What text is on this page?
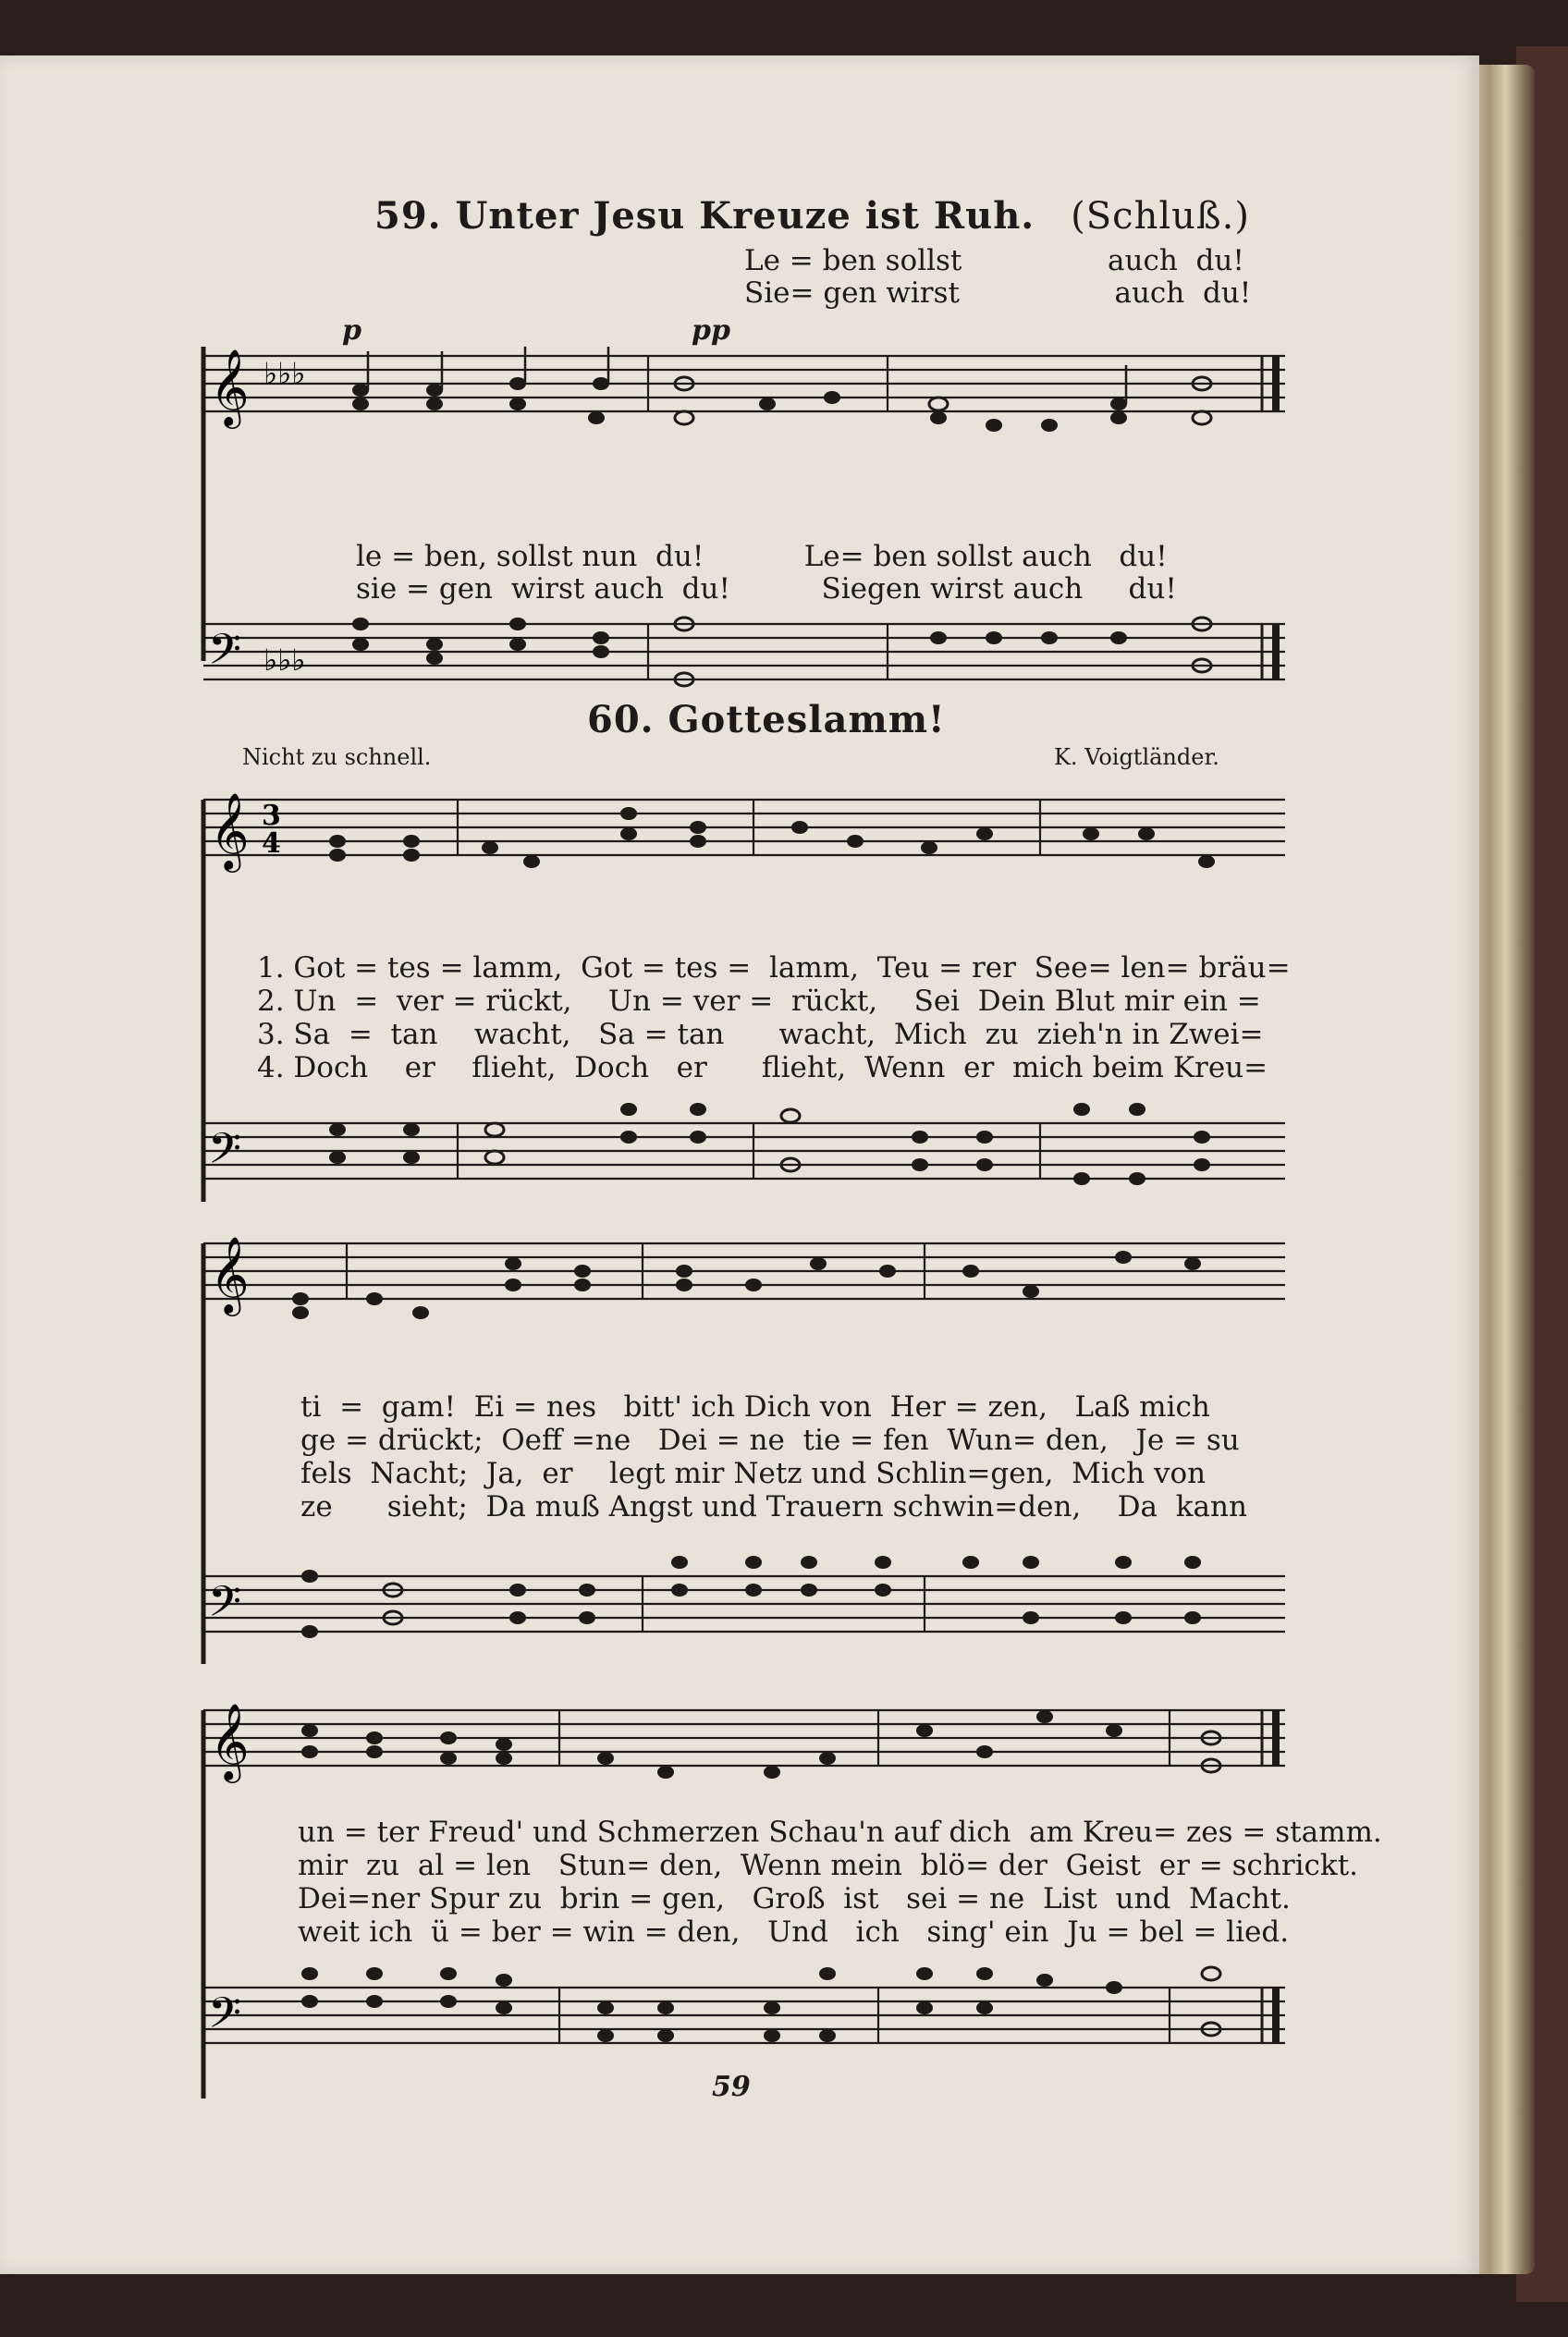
59. Unter Jesu Kreuze ist Ruh. (Schluß.)
Le = ben sollst                auch  du!
Sie= gen wirst                 auch  du!
p	pp
𝄞 ♭♭♭
le = ben, sollst nun  du!           Le= ben sollst auch   du!
sie = gen  wirst auch  du!          Siegen wirst auch     du!
𝄢 ♭♭♭
60. Gotteslamm!
Nicht zu schnell.	K. Voigtländer.
𝄞 3
4
1. Got = tes = lamm,  Got = tes =  lamm,  Teu = rer  See= len= bräu=
2. Un  =  ver = rückt,    Un = ver =  rückt,    Sei  Dein Blut mir ein =
3. Sa  =  tan    wacht,   Sa = tan      wacht,  Mich  zu  zieh'n in Zwei=
4. Doch    er    flieht,  Doch   er      flieht,  Wenn  er  mich beim Kreu=
𝄢
𝄞
ti  =  gam!  Ei = nes   bitt' ich Dich von  Her = zen,   Laß mich
ge = drückt;  Oeff =ne   Dei = ne  tie = fen  Wun= den,   Je = su
fels  Nacht;  Ja,  er    legt mir Netz und Schlin=gen,  Mich von
ze      sieht;  Da muß Angst und Trauern schwin=den,    Da  kann
𝄢
𝄞
un = ter Freud' und Schmerzen Schau'n auf dich  am Kreu= zes = stamm.
mir  zu  al = len   Stun= den,  Wenn mein  blö= der  Geist  er = schrickt.
Dei=ner Spur zu  brin = gen,   Groß  ist   sei = ne  List  und  Macht.
weit ich  ü = ber = win = den,   Und   ich   sing' ein  Ju = bel = lied.
𝄢
59
